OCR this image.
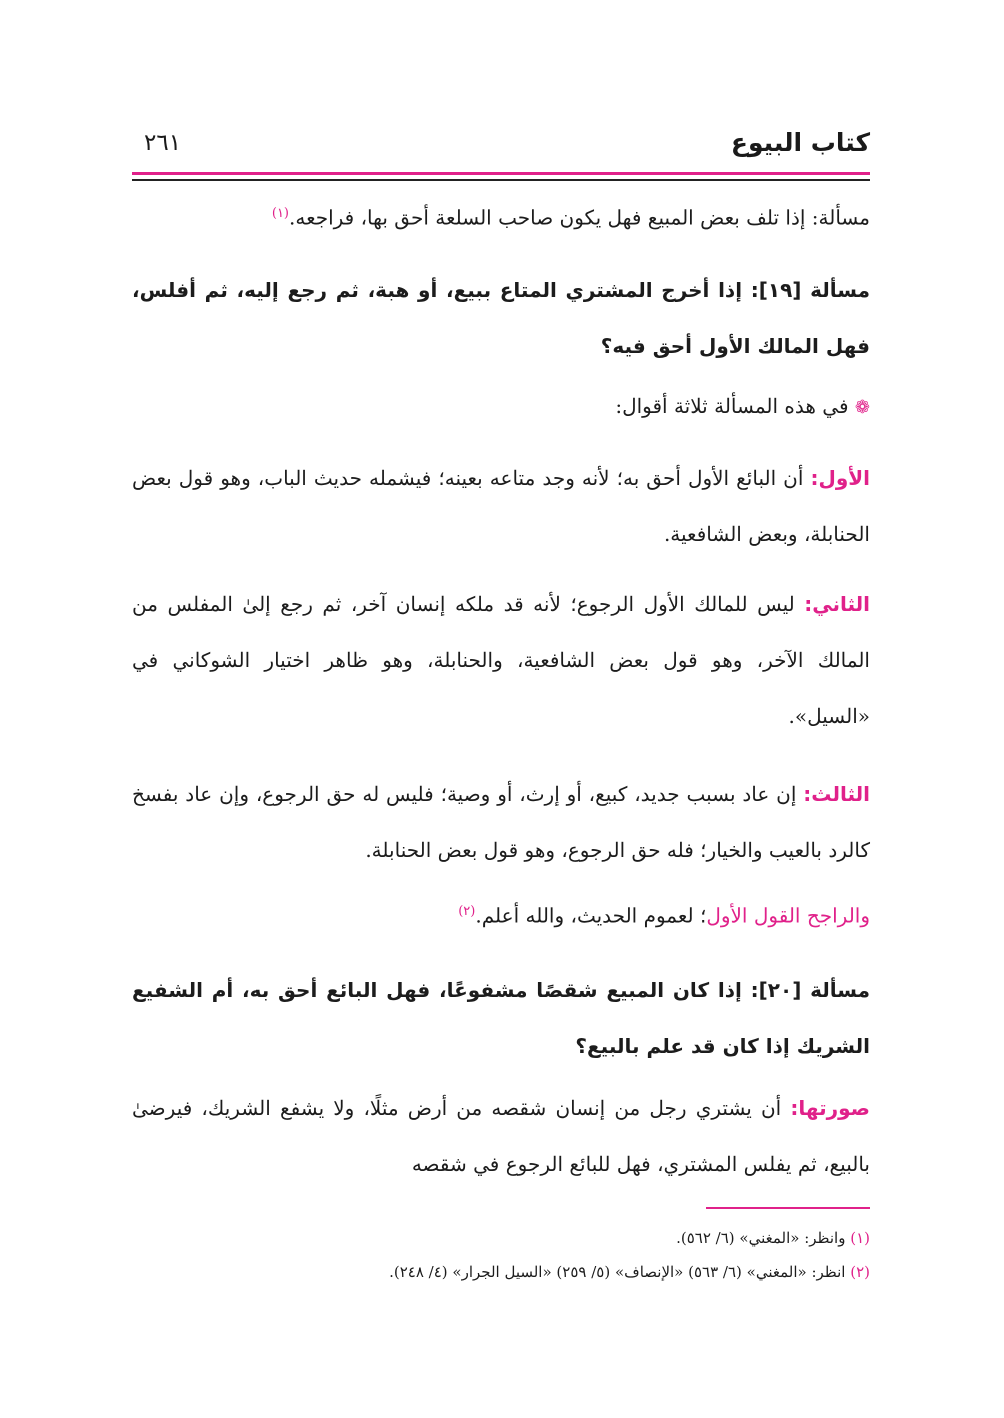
كتاب البيوع
٢٦١
مسألة: إذا تلف بعض المبيع فهل يكون صاحب السلعة أحق بها، فراجعه.$^{(١)}$
مسألة [١٩]: إذا أخرج المشتري المتاع ببيع، أو هبة، ثم رجع إليه، ثم أفلس، فهل المالك الأول أحق فيه؟
❁ في هذه المسألة ثلاثة أقوال:
الأول: أن البائع الأول أحق به؛ لأنه وجد متاعه بعينه؛ فيشمله حديث الباب، وهو قول بعض الحنابلة، وبعض الشافعية.
الثاني: ليس للمالك الأول الرجوع؛ لأنه قد ملكه إنسان آخر، ثم رجع إلىٰ المفلس من المالك الآخر، وهو قول بعض الشافعية، والحنابلة، وهو ظاهر اختيار الشوكاني في «السيل».
الثالث: إن عاد بسبب جديد، كبيع، أو إرث، أو وصية؛ فليس له حق الرجوع، وإن عاد بفسخ كالرد بالعيب والخيار؛ فله حق الرجوع، وهو قول بعض الحنابلة.
والراجح القول الأول؛ لعموم الحديث، والله أعلم.$^{(٢)}$
مسألة [٢٠]: إذا كان المبيع شقصًا مشفوعًا، فهل البائع أحق به، أم الشفيع الشريك إذا كان قد علم بالبيع؟
صورتها: أن يشتري رجل من إنسان شقصه من أرض مثلًا، ولا يشفع الشريك، فيرضىٰ بالبيع، ثم يفلس المشتري، فهل للبائع الرجوع في شقصه
(١) وانظر: «المغني» (٦/ ٥٦٢).
(٢) انظر: «المغني» (٦/ ٥٦٣) «الإنصاف» (٥/ ٢٥٩) «السيل الجرار» (٤/ ٢٤٨).
